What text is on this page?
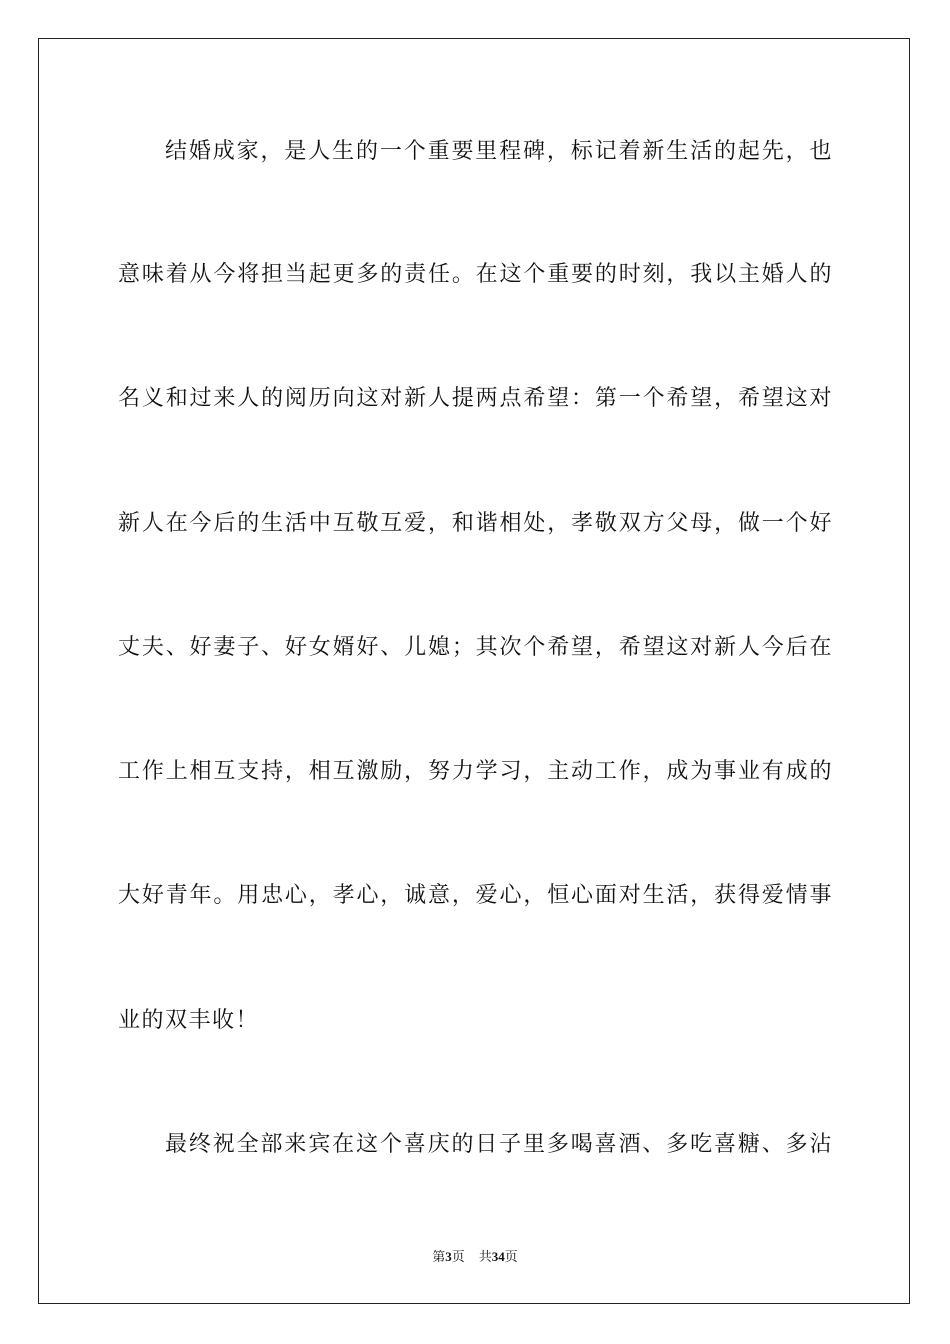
结婚成家，是人生的一个重要里程碑，标记着新生活的起先，也
意味着从今将担当起更多的责任。在这个重要的时刻，我以主婚人的
名义和过来人的阅历向这对新人提两点希望：第一个希望，希望这对
新人在今后的生活中互敬互爱，和谐相处，孝敬双方父母，做一个好
丈夫、好妻子、好女婿好、儿媳；其次个希望，希望这对新人今后在
工作上相互支持，相互激励，努力学习，主动工作，成为事业有成的
大好青年。用忠心，孝心，诚意，爱心，恒心面对生活，获得爱情事
业的双丰收！
最终祝全部来宾在这个喜庆的日子里多喝喜酒、多吃喜糖、多沾
第3页 共34页
